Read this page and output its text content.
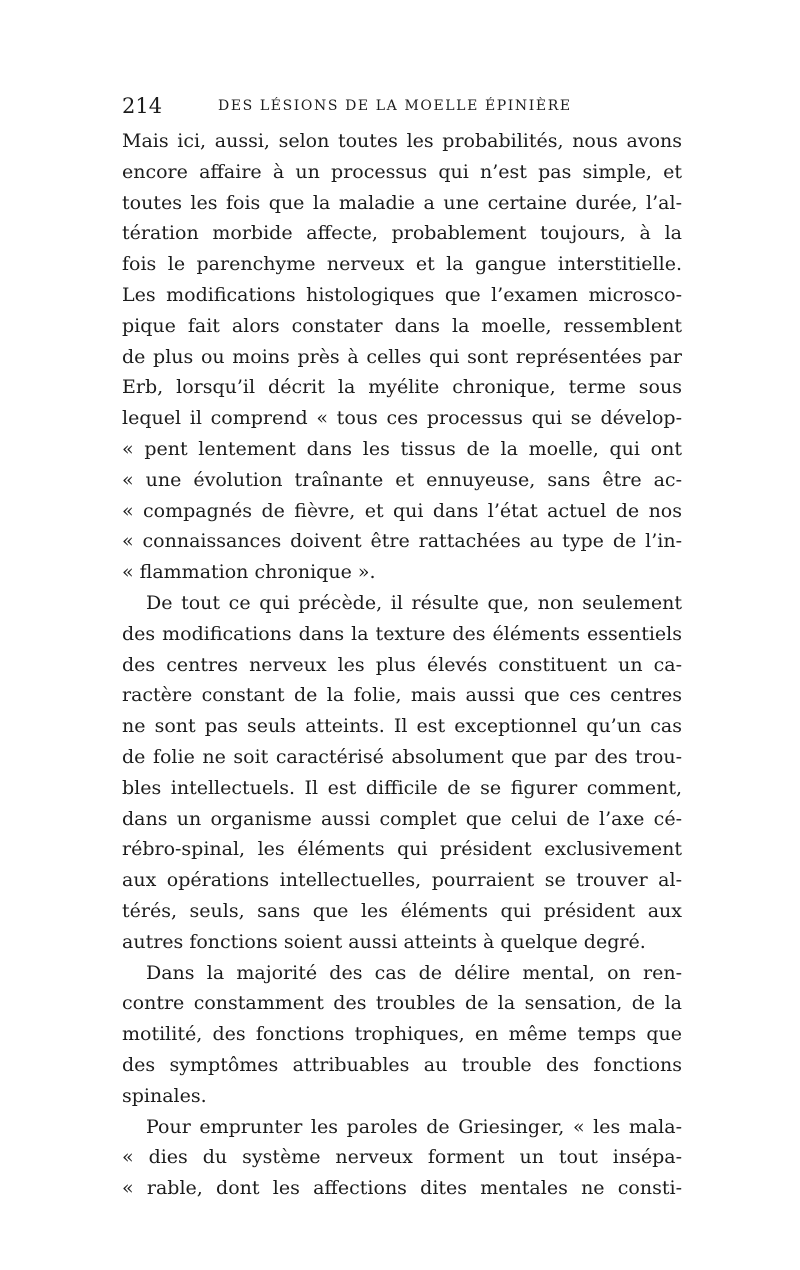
214	DES LÉSIONS DE LA MOELLE ÉPINIÈRE
Mais ici, aussi, selon toutes les probabilités, nous avons
encore affaire à un processus qui n’est pas simple, et
toutes les fois que la maladie a une certaine durée, l’al-
tération morbide affecte, probablement toujours, à la
fois le parenchyme nerveux et la gangue interstitielle.
Les modifications histologiques que l’examen microsco-
pique fait alors constater dans la moelle, ressemblent
de plus ou moins près à celles qui sont représentées par
Erb, lorsqu’il décrit la myélite chronique, terme sous
lequel il comprend « tous ces processus qui se dévelop-
« pent lentement dans les tissus de la moelle, qui ont
« une évolution traînante et ennuyeuse, sans être ac-
« compagnés de fièvre, et qui dans l’état actuel de nos
« connaissances doivent être rattachées au type de l’in-
« flammation chronique ».
De tout ce qui précède, il résulte que, non seulement
des modifications dans la texture des éléments essentiels
des centres nerveux les plus élevés constituent un ca-
ractère constant de la folie, mais aussi que ces centres
ne sont pas seuls atteints. Il est exceptionnel qu’un cas
de folie ne soit caractérisé absolument que par des trou-
bles intellectuels. Il est difficile de se figurer comment,
dans un organisme aussi complet que celui de l’axe cé-
rébro-spinal, les éléments qui président exclusivement
aux opérations intellectuelles, pourraient se trouver al-
térés, seuls, sans que les éléments qui président aux
autres fonctions soient aussi atteints à quelque degré.
Dans la majorité des cas de délire mental, on ren-
contre constamment des troubles de la sensation, de la
motilité, des fonctions trophiques, en même temps que
des symptômes attribuables au trouble des fonctions
spinales.
Pour emprunter les paroles de Griesinger, « les mala-
« dies du système nerveux forment un tout insépa-
« rable, dont les affections dites mentales ne consti-
